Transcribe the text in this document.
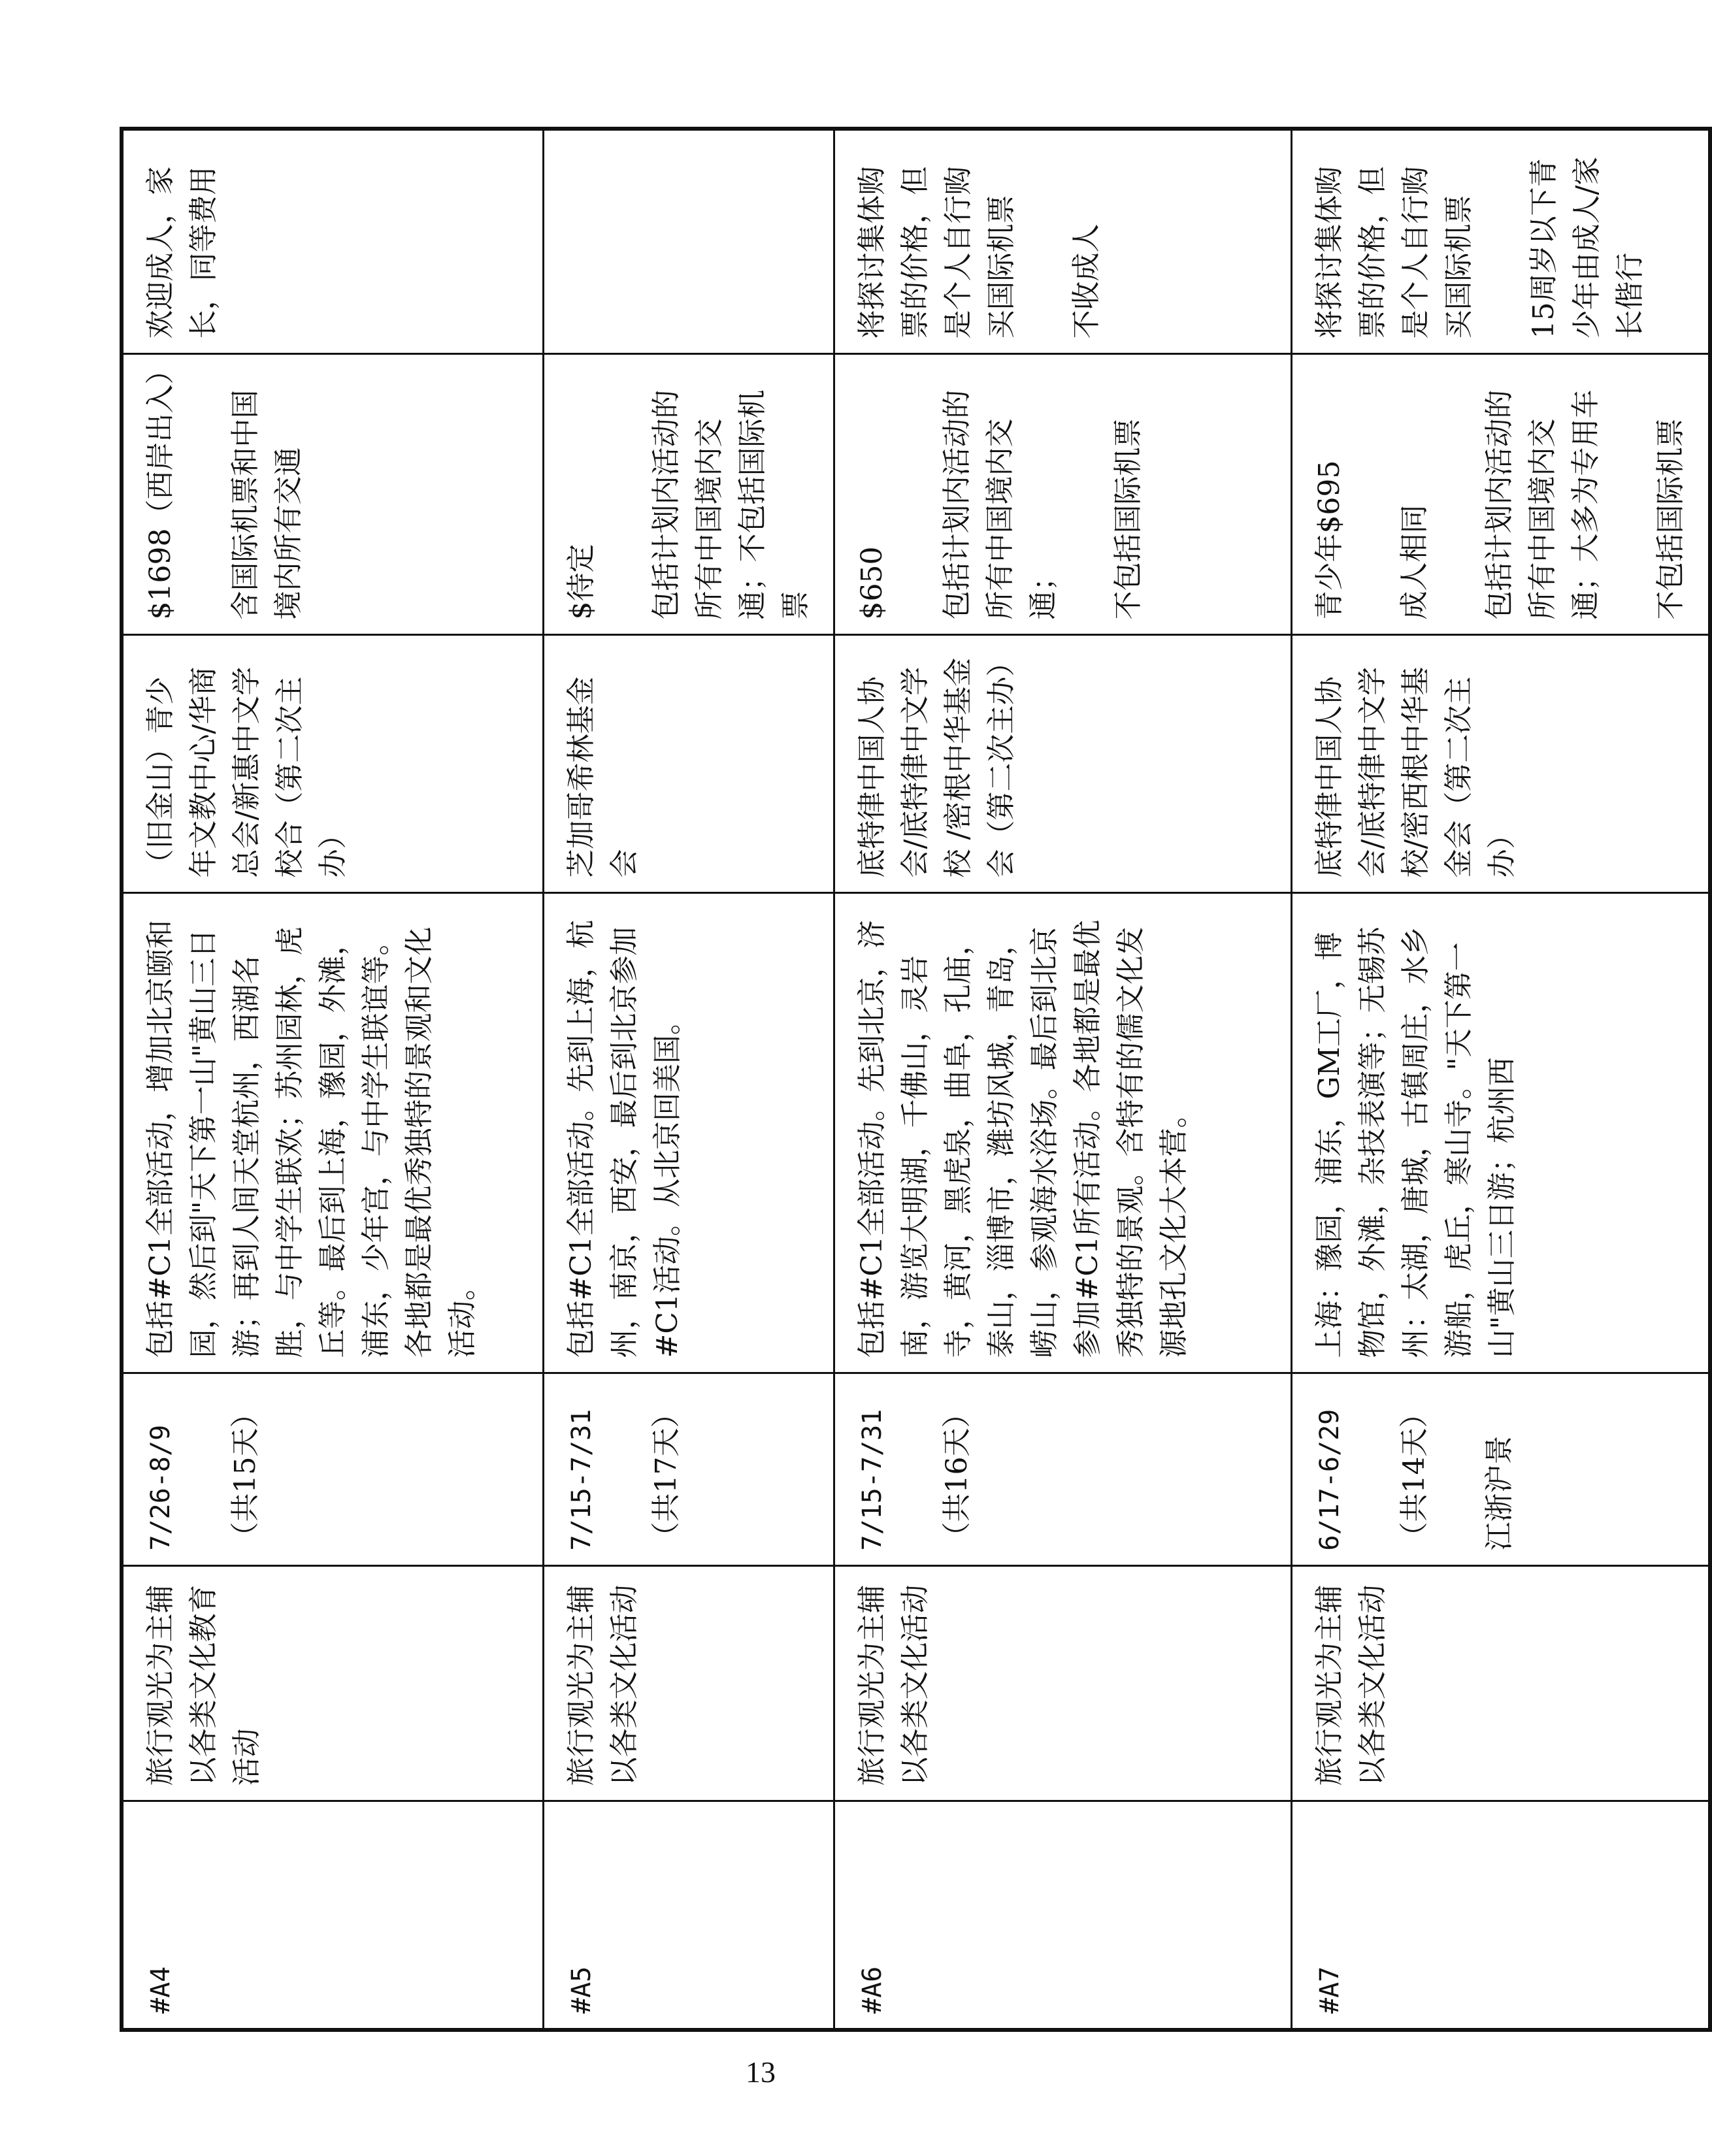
#A4	旅行观光为主辅以各类文化教育活动	7/26-8/9 （共15天）	包括#C1全部活动，增加北京颐和园，然后到"天下第一山"黄山三日游；再到人间天堂杭州，西湖名胜，与中学生联欢；苏州园林，虎丘等。最后到上海，豫园，外滩，浦东，少年宫，与中学生联谊等。各地都是最优秀独特的景观和文化活动。	（旧金山）青少年文教中心/华商总会/新惠中文学校合（第二次主办）	$1698（西岸出入） 含国际机票和中国境内所有交通	欢迎成人，家长，同等费用

#A5	旅行观光为主辅以各类文化活动	7/15-7/31 （共17天）	包括#C1全部活动。先到上海，杭州，南京，西安，最后到北京参加#C1活动。从北京回美国。	芝加哥希林基金会	$待定 包括计划内活动的所有中国境内交通；不包括国际机票	

#A6	旅行观光为主辅以各类文化活动	7/15-7/31 （共16天）	包括#C1全部活动。先到北京，济南，游览大明湖，千佛山，灵岩寺，黄河，黑虎泉，曲阜，孔庙，泰山，淄博市，潍坊风城，青岛，崂山，参观海水浴场。最后到北京参加#C1所有活动。各地都是最优秀独特的景观。含特有的儒文化发源地孔文化大本营。	底特律中国人协会/底特律中文学校 /密根中华基金会（第二次主办）	$650 包括计划内活动的所有中国境内交通； 不包括国际机票	将探讨集体购票的价格，但是个人自行购买国际机票 不收成人

#A7	旅行观光为主辅以各类文化活动	6/17-6/29 （共14天） 江浙沪景	上海：豫园，浦东，GM工厂，博物馆，外滩，杂技表演等；无锡苏州：太湖，唐城，古镇周庄，水乡游船，虎丘，寒山寺。"天下第一山"黄山三日游；杭州西	底特律中国人协会/底特律中文学校/密西根中华基金会（第二次主办）	青少年$695 成人相同 包括计划内活动的所有中国境内交通；大多为专用车 不包括国际机票	将探讨集体购票的价格，但是个人自行购买国际机票 15周岁以下青少年由成人/家长偕行
13
